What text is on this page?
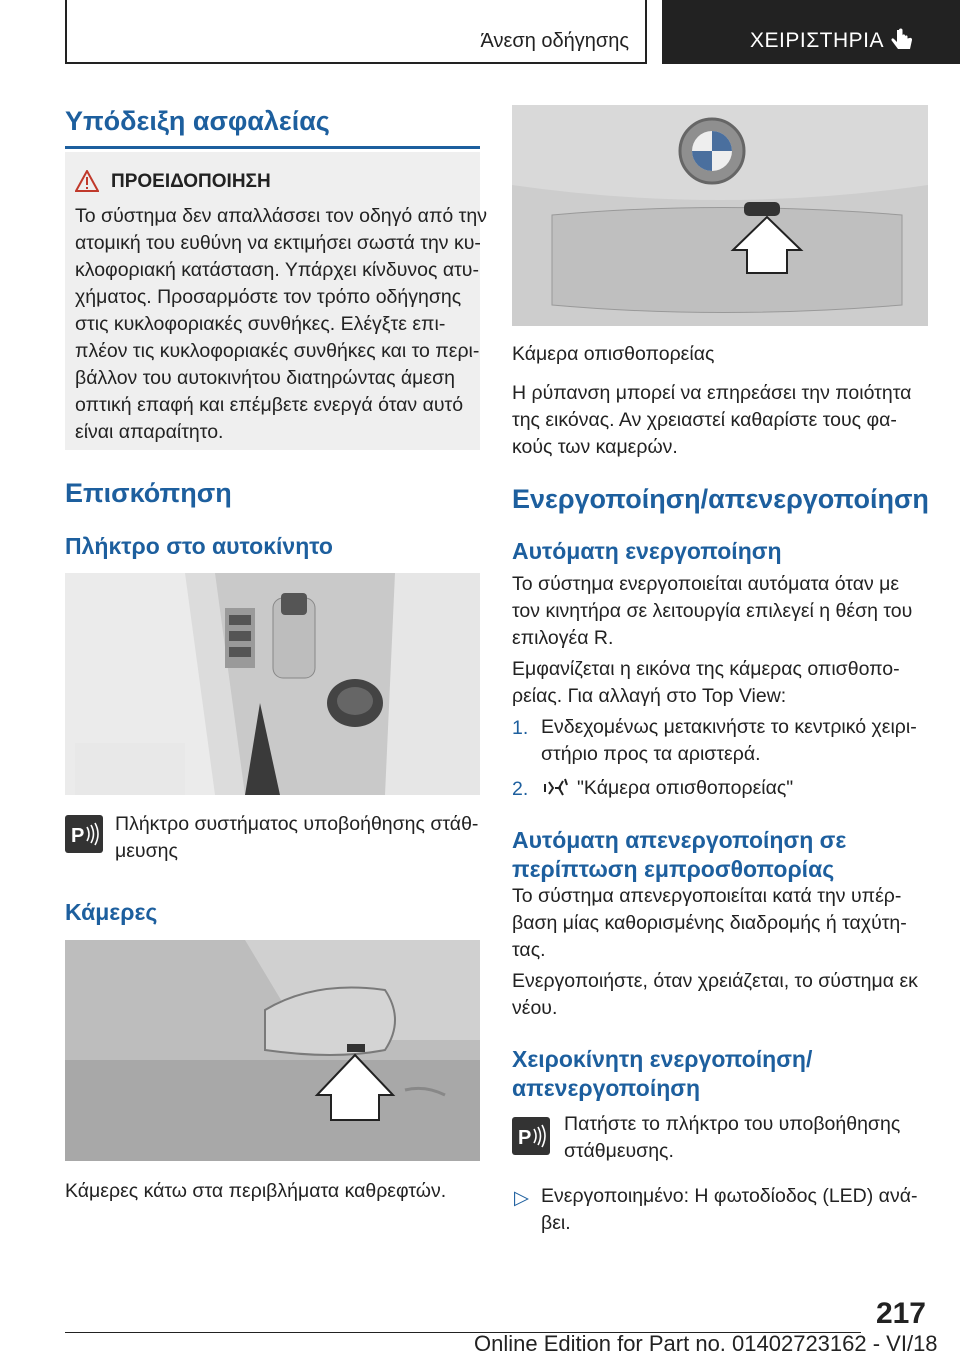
Άνεση οδήγησης	ΧΕΙΡΙΣΤΗΡΙΑ
Υπόδειξη ασφαλείας
ΠΡΟΕΙΔΟΠΟΙΗΣΗ
Το σύστημα δεν απαλλάσσει τον οδηγό από την
ατομική του ευθύνη να εκτιμήσει σωστά την κυ-
κλοφοριακή κατάσταση. Υπάρχει κίνδυνος ατυ-
χήματος. Προσαρμόστε τον τρόπο οδήγησης
στις κυκλοφοριακές συνθήκες. Ελέγξτε επι-
πλέον τις κυκλοφοριακές συνθήκες και το περι-
βάλλον του αυτοκινήτου διατηρώντας άμεση
οπτική επαφή και επέμβετε ενεργά όταν αυτό
είναι απαραίτητο.
Επισκόπηση
Πλήκτρο στο αυτοκίνητο
P
Πλήκτρο συστήματος υποβοήθησης στάθ-
μευσης
Κάμερες
Κάμερες κάτω στα περιβλήματα καθρεφτών.
Κάμερα οπισθοπορείας
Η ρύπανση μπορεί να επηρεάσει την ποιότητα
της εικόνας. Αν χρειαστεί καθαρίστε τους φα-
κούς των καμερών.
Ενεργοποίηση/απενεργοποίηση
Αυτόματη ενεργοποίηση
Το σύστημα ενεργοποιείται αυτόματα όταν με
τον κινητήρα σε λειτουργία επιλεγεί η θέση του
επιλογέα R.
Εμφανίζεται η εικόνα της κάμερας οπισθοπο-
ρείας. Για αλλαγή στο Top View:
1. Ενδεχομένως μετακινήστε το κεντρικό χειρι-
στήριο προς τα αριστερά.
2. "Κάμερα οπισθοπορείας"
Αυτόματη απενεργοποίηση σε
περίπτωση εμπροσθοπορίας
Το σύστημα απενεργοποιείται κατά την υπέρ-
βαση μίας καθορισμένης διαδρομής ή ταχύτη-
τας.
Ενεργοποιήστε, όταν χρειάζεται, το σύστημα εκ
νέου.
Χειροκίνητη ενεργοποίηση/
απενεργοποίηση
P
Πατήστε το πλήκτρο του υποβοήθησης
στάθμευσης.
▷ Ενεργοποιημένο: Η φωτοδίοδος (LED) ανά-
βει.
217
Online Edition for Part no. 01402723162 - VI/18
